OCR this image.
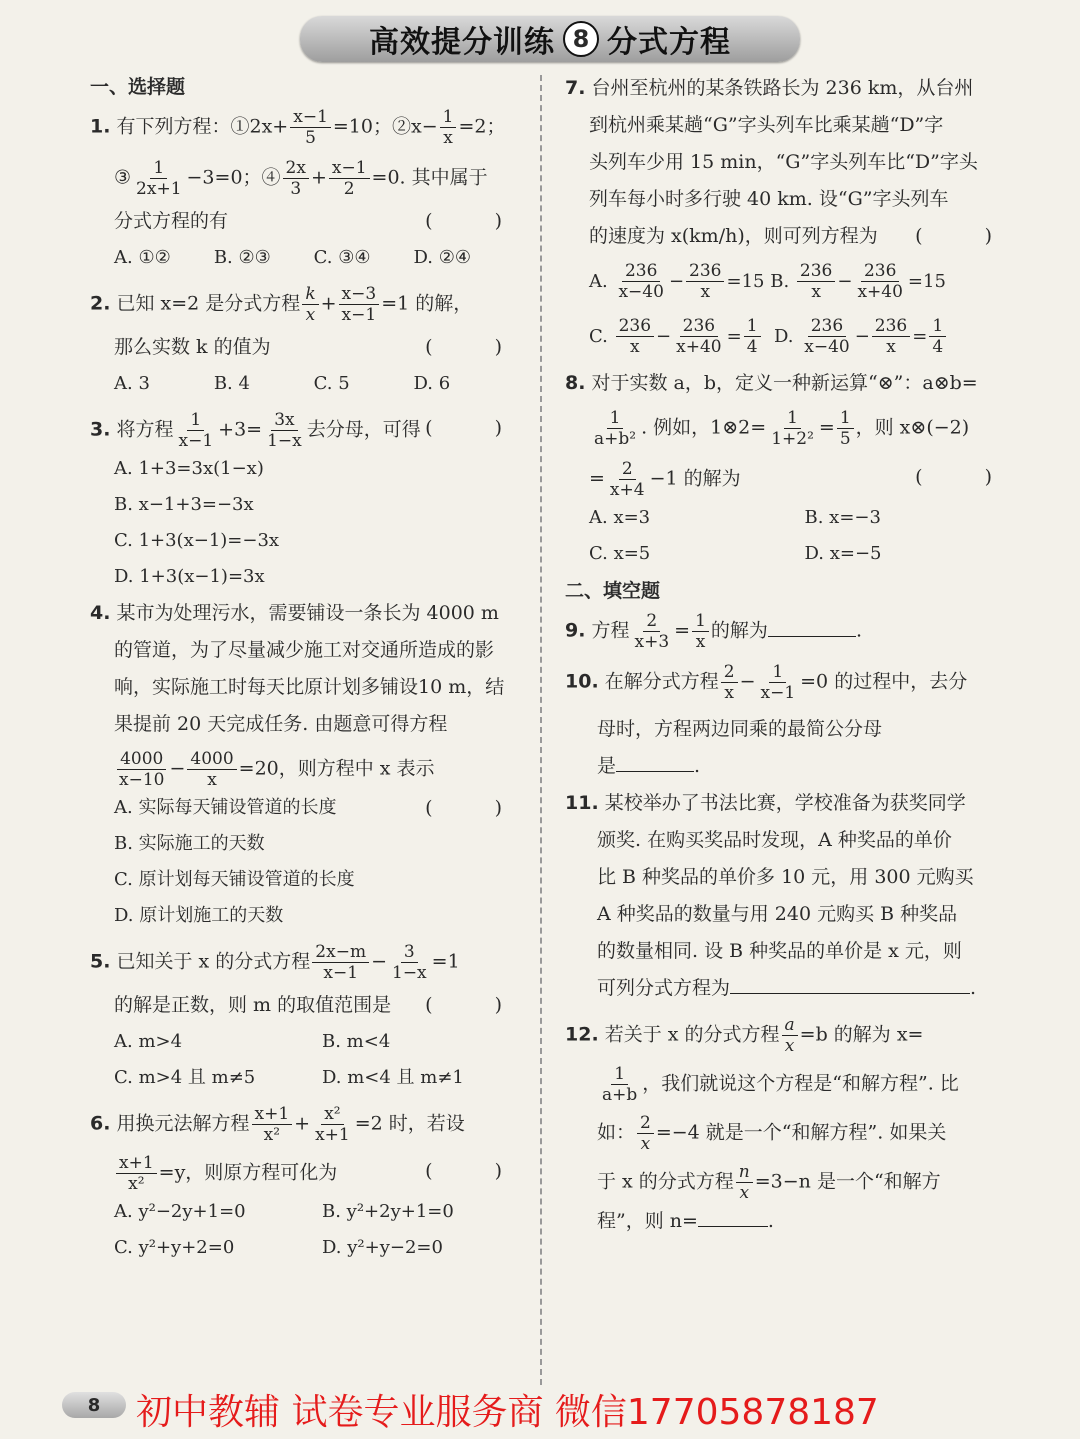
高效提分训练 8 分式方程
一、选择题
1. 有下列方程：①2x+ $\frac{x-1}{5} =10$；②x− $\frac{1}{x} =2$；
③ $\frac{1}{2x+1} -3=0$；④ $\frac{2x}{3} + \frac{x-1}{2} =0$. 其中属于
分式方程的有	( )
A. ①②	B. ②③	C. ③④	D. ②④
2. 已知 x=2 是分式方程 $\frac{k}{x} + \frac{x-3}{x-1} =1$ 的解，
那么实数 k 的值为	( )
A. 3	B. 4	C. 5	D. 6
3. 将方程 $\frac{1}{x-1} +3= \frac{3x}{1-x}$ 去分母，可得 ( )
A. 1+3=3x(1−x)
B. x−1+3=−3x
C. 1+3(x−1)=−3x
D. 1+3(x−1)=3x
4. 某市为处理污水，需要铺设一条长为 4000 m
的管道，为了尽量减少施工对交通所造成的影
响，实际施工时每天比原计划多铺设10 m，结
果提前 20 天完成任务. 由题意可得方程
$\frac{4000}{x-10} - \frac{4000}{x} =20$，则方程中 x 表示
( )
A. 实际每天铺设管道的长度
B. 实际施工的天数
C. 原计划每天铺设管道的长度
D. 原计划施工的天数
5. 已知关于 x 的分式方程 $\frac{2x-m}{x-1} - \frac{3}{1-x} =1$
的解是正数，则 m 的取值范围是 ( )
A. m>4	B. m<4
C. m>4 且 m≠5	D. m<4 且 m≠1
6. 用换元法解方程 $\frac{x+1}{\text{x²}} + \frac{\text{x²}}{x+1} =2$ 时，若设
$\frac{x+1}{\text{x²}} =y$，则原方程可化为	( )
A. y²−2y+1=0	B. y²+2y+1=0
C. y²+y+2=0	D. y²+y−2=0
7. 台州至杭州的某条铁路长为 236 km，从台州
到杭州乘某趟“G”字头列车比乘某趟“D”字
头列车少用 15 min，“G”字头列车比“D”字头
列车每小时多行驶 40 km. 设“G”字头列车
的速度为 x(km/h)，则可列方程为 ( )
A. $\frac{236}{x-40} - \frac{236}{x} =15$ B. $\frac{236}{x} - \frac{236}{x+40} =15$
C. $\frac{236}{x} - \frac{236}{x+40} = \frac{1}{4} D$. $\frac{236}{x-40} - \frac{236}{x} = \frac{1}{4}$
8. 对于实数 a，b，定义一种新运算“⊗”：a⊗b=
$\frac{1}{\text{a+b²}}$ . 例如，1⊗2= $\frac{1}{\text{1+2²}} = \frac{1}{5}$ ，则 x⊗(−2)
= $\frac{2}{x+4} -1$ 的解为	( )
A. x=3	B. x=−3
C. x=5	D. x=−5
二、填空题
9. 方程 $\frac{2}{x+3} = \frac{1}{x}$ 的解为	.
10. 在解分式方程 $\frac{2}{x} - \frac{1}{x-1} =0$ 的过程中，去分
母时，方程两边同乘的最简公分母
是	.
11. 某校举办了书法比赛，学校准备为获奖同学
颁奖. 在购买奖品时发现，A 种奖品的单价
比 B 种奖品的单价多 10 元，用 300 元购买
A 种奖品的数量与用 240 元购买 B 种奖品
的数量相同. 设 B 种奖品的单价是 x 元，则
可列分式方程为	.
12. 若关于 x 的分式方程 $\frac{a}{x} =b$ 的解为 x=
$\frac{1}{a+b}$ ，我们就说这个方程是“和解方程”. 比
如： $\frac{2}{x} =-4$ 就是一个“和解方程”. 如果关
于 x 的分式方程 $\frac{n}{x} =3-n$ 是一个“和解方
程”，则 n=	.
8 初中教辅 试卷专业服务商 微信17705878187
